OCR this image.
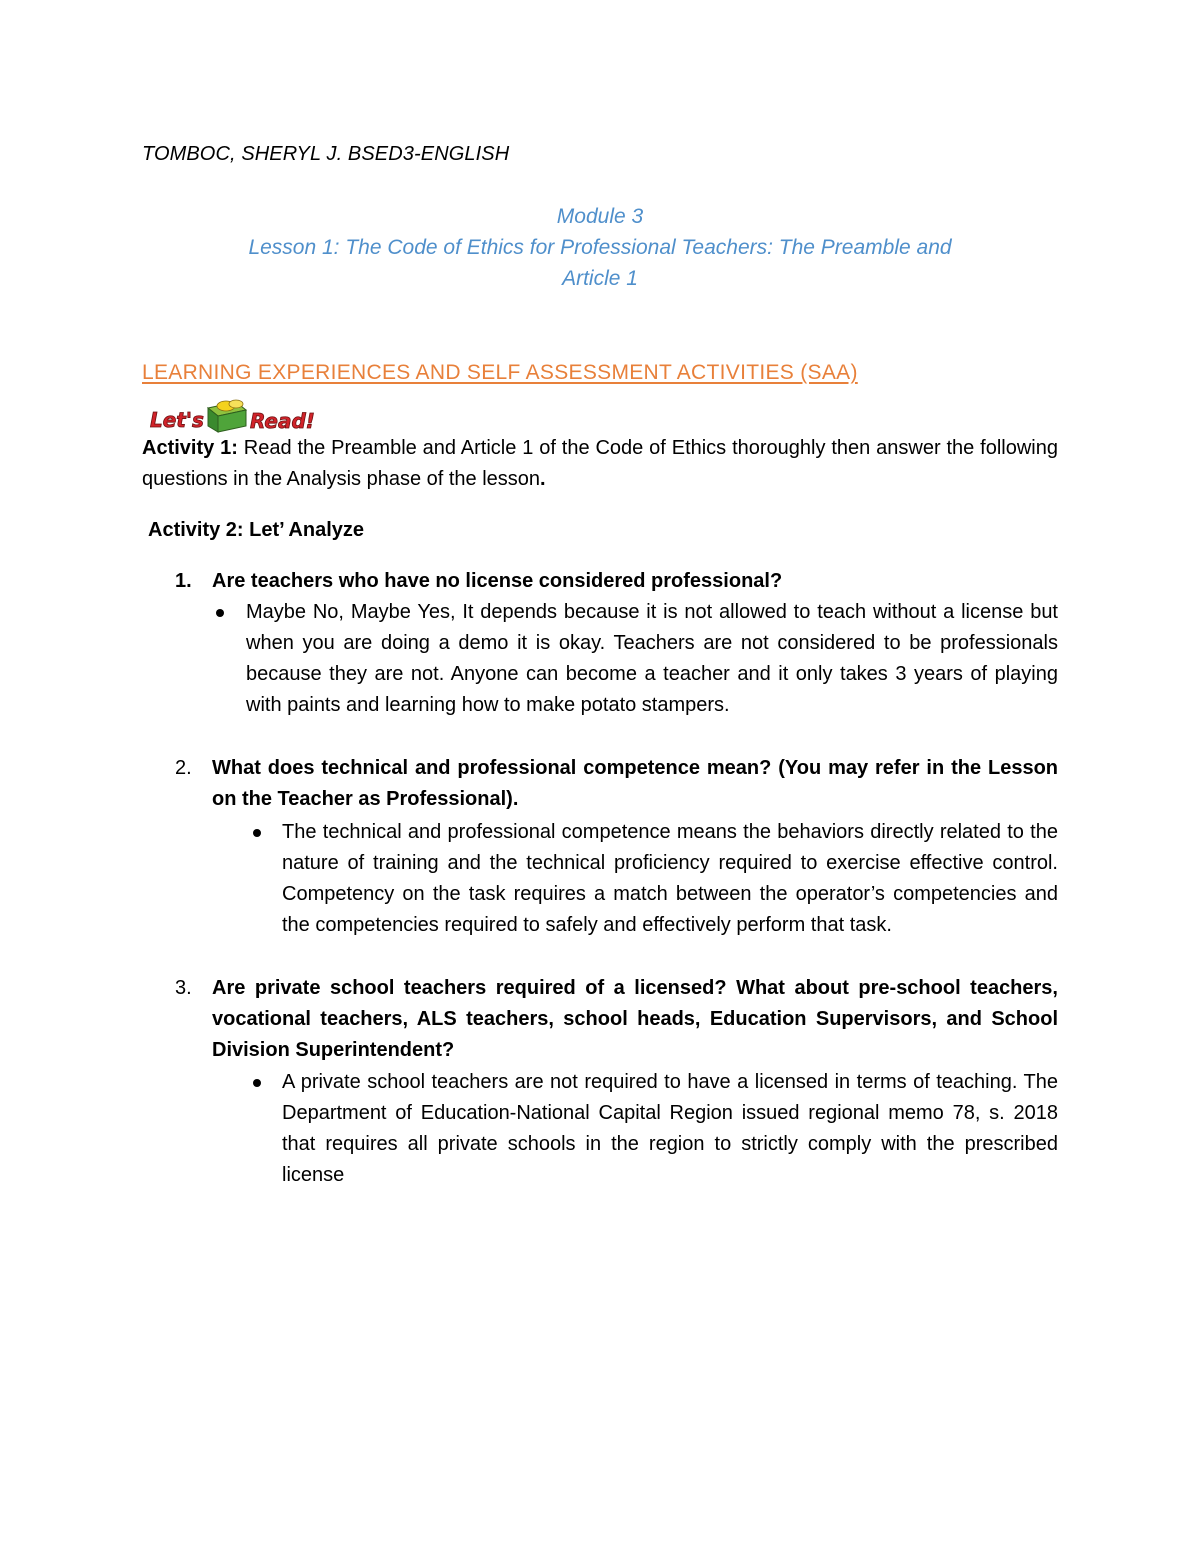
TOMBOC, SHERYL J. BSED3-ENGLISH
Module 3
Lesson 1: The Code of Ethics for Professional Teachers: The Preamble and
Article 1
LEARNING EXPERIENCES AND SELF ASSESSMENT ACTIVITIES (SAA)
Let's Read!
Activity 1: Read the Preamble and Article 1 of the Code of Ethics thoroughly then answer the following questions in the Analysis phase of the lesson.
Activity 2: Let’ Analyze
1. Are teachers who have no license considered professional?
Maybe No, Maybe Yes, It depends because it is not allowed to teach without a license but when you are doing a demo it is okay. Teachers are not considered to be professionals because they are not. Anyone can become a teacher and it only takes 3 years of playing with paints and learning how to make potato stampers.
2. What does technical and professional competence mean? (You may refer in the Lesson on the Teacher as Professional).
The technical and professional competence means the behaviors directly related to the nature of training and the technical proficiency required to exercise effective control. Competency on the task requires a match between the operator’s competencies and the competencies required to safely and effectively perform that task.
3. Are private school teachers required of a licensed? What about pre-school teachers, vocational teachers, ALS teachers, school heads, Education Supervisors, and School Division Superintendent?
A private school teachers are not required to have a licensed in terms of teaching. The Department of Education-National Capital Region issued regional memo 78, s. 2018 that requires all private schools in the region to strictly comply with the prescribed license
